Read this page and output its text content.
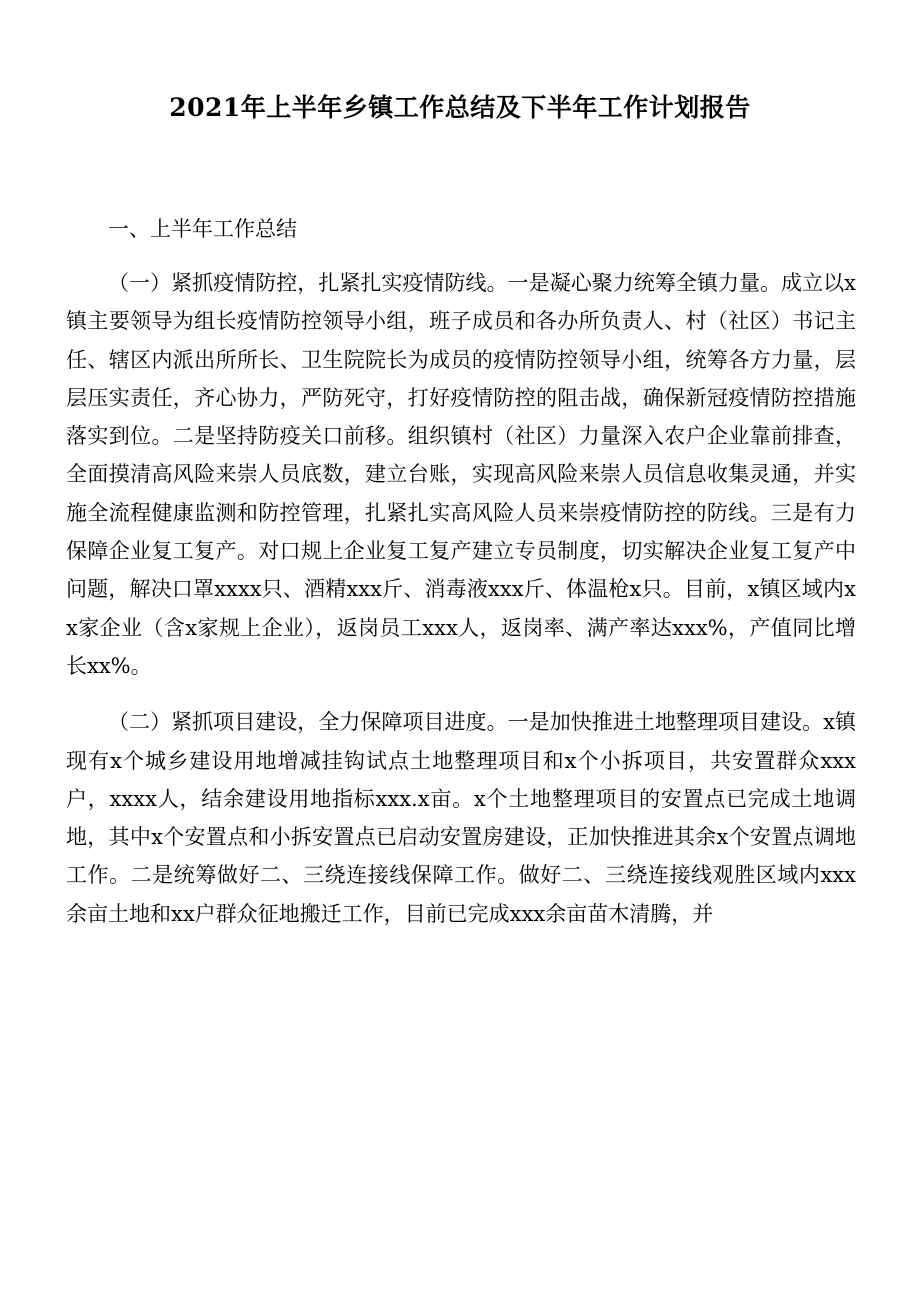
2021年上半年乡镇工作总结及下半年工作计划报告
一、上半年工作总结

（一）紧抓疫情防控，扎紧扎实疫情防线。一是凝心聚力统筹全镇力量。成立以x镇主要领导为组长疫情防控领导小组，班子成员和各办所负责人、村（社区）书记主任、辖区内派出所所长、卫生院院长为成员的疫情防控领导小组，统筹各方力量，层层压实责任，齐心协力，严防死守，打好疫情防控的阻击战，确保新冠疫情防控措施落实到位。二是坚持防疫关口前移。组织镇村（社区）力量深入农户企业靠前排查，全面摸清高风险来崇人员底数，建立台账，实现高风险来崇人员信息收集灵通，并实施全流程健康监测和防控管理，扎紧扎实高风险人员来崇疫情防控的防线。三是有力保障企业复工复产。对口规上企业复工复产建立专员制度，切实解决企业复工复产中问题，解决口罩xxxx只、酒精xxx斤、消毒液xxx斤、体温枪x只。目前，x镇区域内xx家企业（含x家规上企业），返岗员工xxx人，返岗率、满产率达xxx%，产值同比增长xx%。

（二）紧抓项目建设，全力保障项目进度。一是加快推进土地整理项目建设。x镇现有x个城乡建设用地增减挂钩试点土地整理项目和x个小拆项目，共安置群众xxx户，xxxx人，结余建设用地指标xxx.x亩。x个土地整理项目的安置点已完成土地调地，其中x个安置点和小拆安置点已启动安置房建设，正加快推进其余x个安置点调地工作。二是统筹做好二、三绕连接线保障工作。做好二、三绕连接线观胜区域内xxx余亩土地和xx户群众征地搬迁工作，目前已完成xxx余亩苗木清腾，并
